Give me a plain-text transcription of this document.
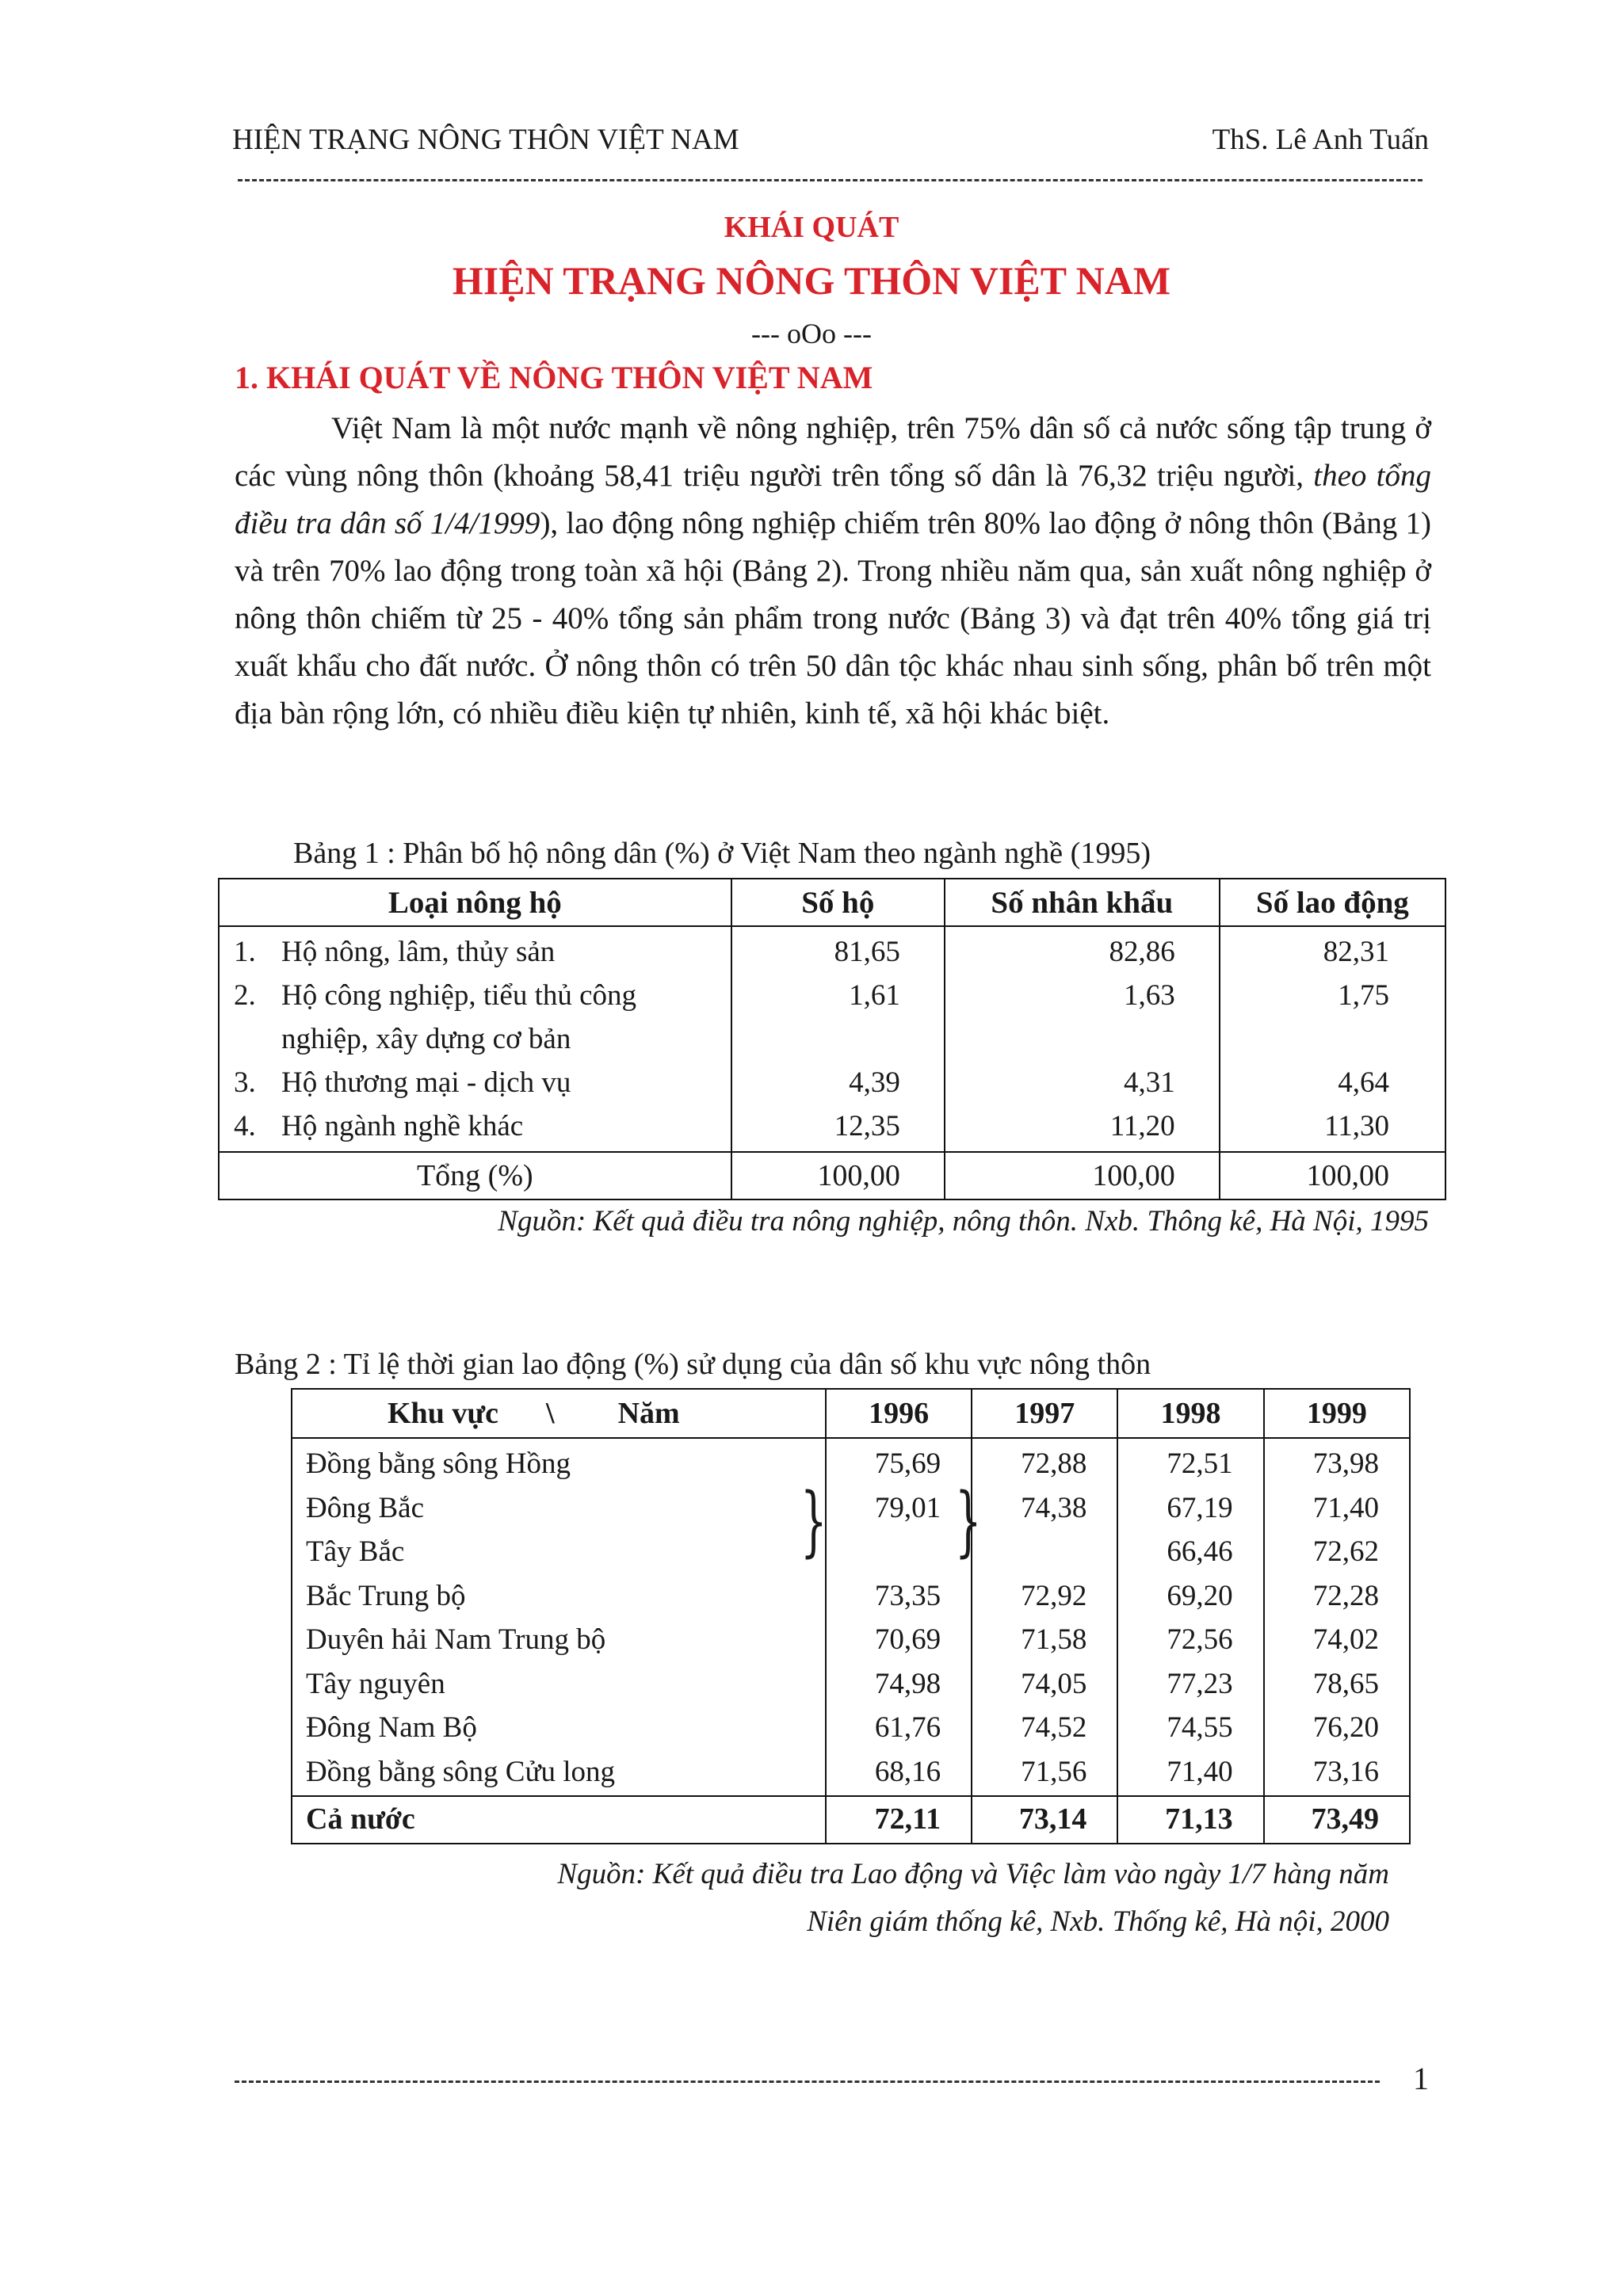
HIỆN TRẠNG NÔNG THÔN VIỆT NAM	ThS. Lê Anh Tuấn
KHÁI QUÁT
HIỆN TRẠNG NÔNG THÔN VIỆT NAM
--- oOo ---
1. KHÁI QUÁT VỀ NÔNG THÔN VIỆT NAM

Việt Nam là một nước mạnh về nông nghiệp, trên 75% dân số cả nước sống tập trung ở các vùng nông thôn (khoảng 58,41 triệu người trên tổng số dân là 76,32 triệu người, theo tổng điều tra dân số 1/4/1999), lao động nông nghiệp chiếm trên 80% lao động ở nông thôn (Bảng 1) và trên 70% lao động trong toàn xã hội (Bảng 2). Trong nhiều năm qua, sản xuất nông nghiệp ở nông thôn chiếm từ 25 - 40% tổng sản phẩm trong nước (Bảng 3) và đạt trên 40% tổng giá trị xuất khẩu cho đất nước. Ở nông thôn có trên 50 dân tộc khác nhau sinh sống, phân bố trên một địa bàn rộng lớn, có nhiều điều kiện tự nhiên, kinh tế, xã hội khác biệt.

Bảng 1 : Phân bố hộ nông dân (%) ở Việt Nam theo ngành nghề (1995)
Loại nông hộ	Số hộ	Số nhân khẩu	Số lao động
1. Hộ nông, lâm, thủy sản	81,65	82,86	82,31

2. Hộ công nghiệp, tiểu thủ công
nghiệp, xây dựng cơ bản	1,61	1,63	1,75

3. Hộ thương mại - dịch vụ	4,39	4,31	4,64

4. Hộ ngành nghề khác	12,35	11,20	11,30

Tổng (%)	100,00	100,00	100,00
Nguồn: Kết quả điều tra nông nghiệp, nông thôn. Nxb. Thông kê, Hà Nội, 1995
Bảng 2 : Tỉ lệ thời gian lao động (%) sử dụng của dân số khu vực nông thôn
Khu vực \ Năm	1996	1997	1998	1999
Đồng bằng sông Hồng	75,69	72,88	72,51	73,98
Đông Bắc	79,01	74,38	67,19	71,40
Tây Bắc			66,46	72,62
Bắc Trung bộ	73,35	72,92	69,20	72,28
Duyên hải Nam Trung bộ	70,69	71,58	72,56	74,02
Tây nguyên	74,98	74,05	77,23	78,65
Đông Nam Bộ	61,76	74,52	74,55	76,20
Đồng bằng sông Cửu long	68,16	71,56	71,40	73,16
Cả nước	72,11	73,14	71,13	73,49
} }
Nguồn: Kết quả điều tra Lao động và Việc làm vào ngày 1/7 hàng năm
Niên giám thống kê, Nxb. Thống kê, Hà nội, 2000
1
